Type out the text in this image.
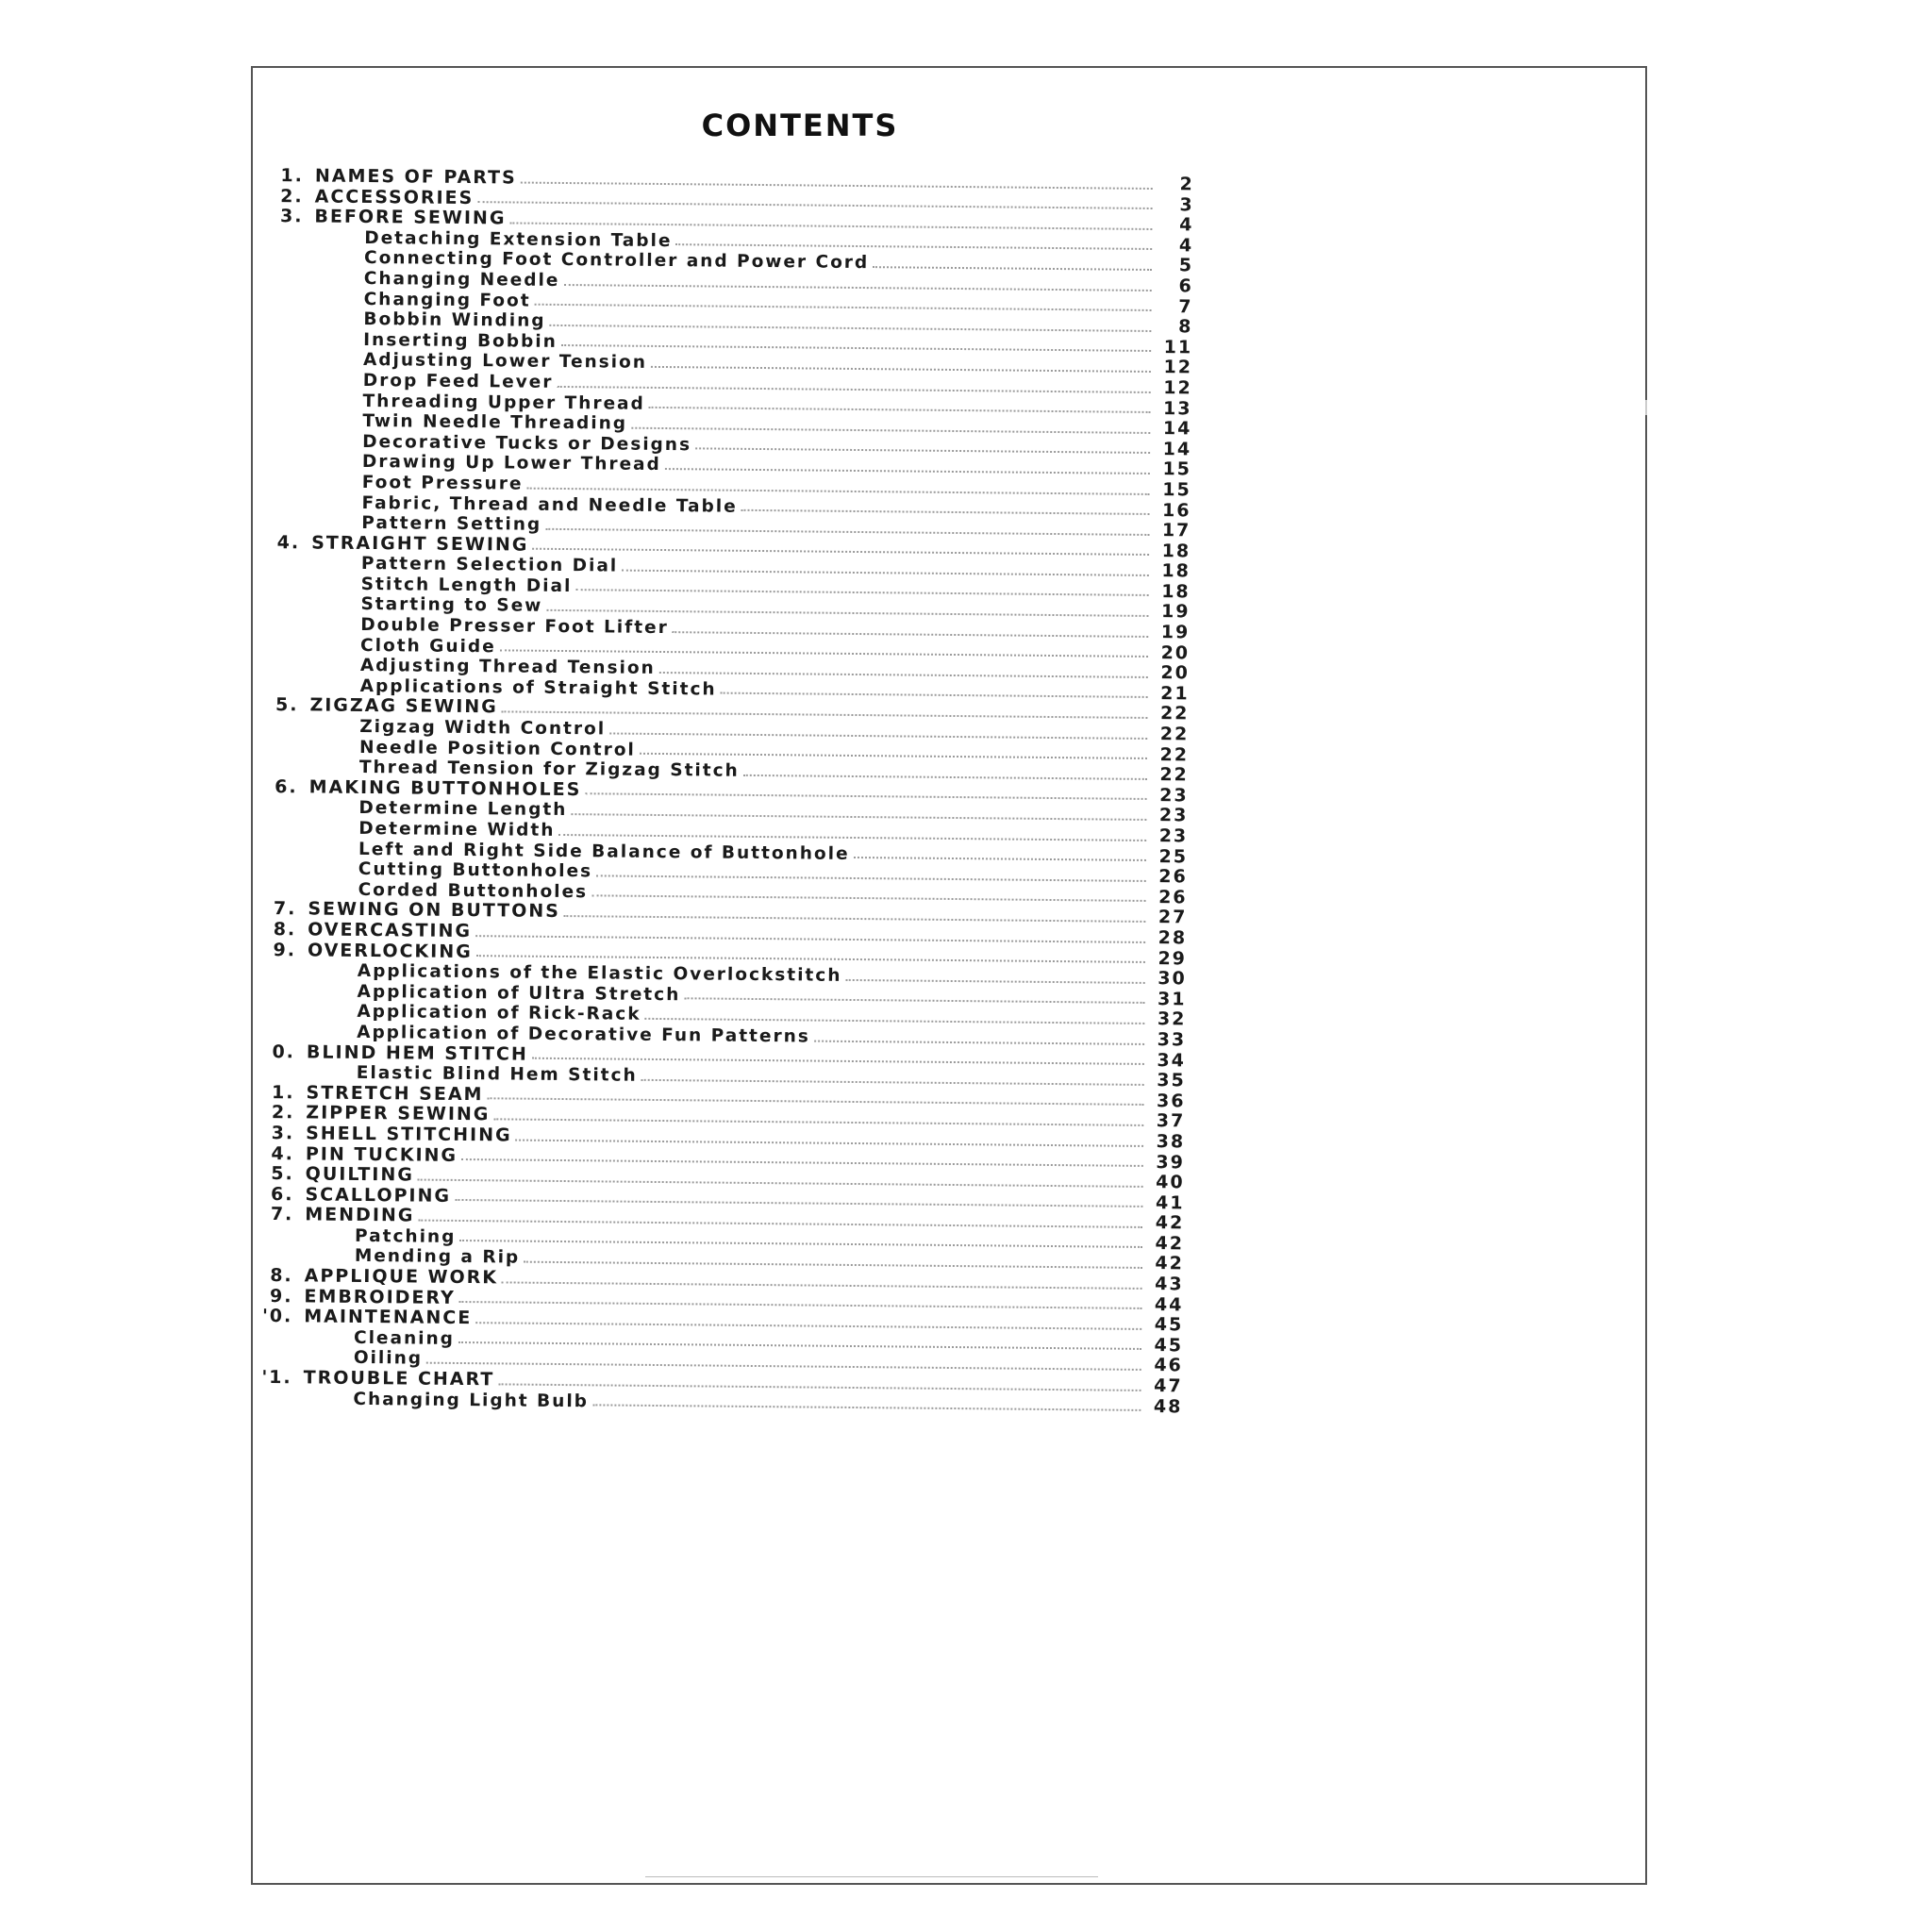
CONTENTS
1. NAMES OF PARTS	2
2. ACCESSORIES	3
3. BEFORE SEWING	4
Detaching Extension Table	4
Connecting Foot Controller and Power Cord	5
Changing Needle	6
Changing Foot	7
Bobbin Winding	8
Inserting Bobbin	11
Adjusting Lower Tension	12
Drop Feed Lever	12
Threading Upper Thread	13
Twin Needle Threading	14
Decorative Tucks or Designs	14
Drawing Up Lower Thread	15
Foot Pressure	15
Fabric, Thread and Needle Table	16
Pattern Setting	17
4. STRAIGHT SEWING	18
Pattern Selection Dial	18
Stitch Length Dial	18
Starting to Sew	19
Double Presser Foot Lifter	19
Cloth Guide	20
Adjusting Thread Tension	20
Applications of Straight Stitch	21
5. ZIGZAG SEWING	22
Zigzag Width Control	22
Needle Position Control	22
Thread Tension for Zigzag Stitch	22
6. MAKING BUTTONHOLES	23
Determine Length	23
Determine Width	23
Left and Right Side Balance of Buttonhole	25
Cutting Buttonholes	26
Corded Buttonholes	26
7. SEWING ON BUTTONS	27
8. OVERCASTING	28
9. OVERLOCKING	29
Applications of the Elastic Overlockstitch	30
Application of Ultra Stretch	31
Application of Rick-Rack	32
Application of Decorative Fun Patterns	33
0. BLIND HEM STITCH	34
Elastic Blind Hem Stitch	35
1. STRETCH SEAM	36
2. ZIPPER SEWING	37
3. SHELL STITCHING	38
4. PIN TUCKING	39
5. QUILTING	40
6. SCALLOPING	41
7. MENDING	42
Patching	42
Mending a Rip	42
8. APPLIQUE WORK	43
9. EMBROIDERY	44
'0. MAINTENANCE	45
Cleaning	45
Oiling	46
'1. TROUBLE CHART	47
Changing Light Bulb	48
